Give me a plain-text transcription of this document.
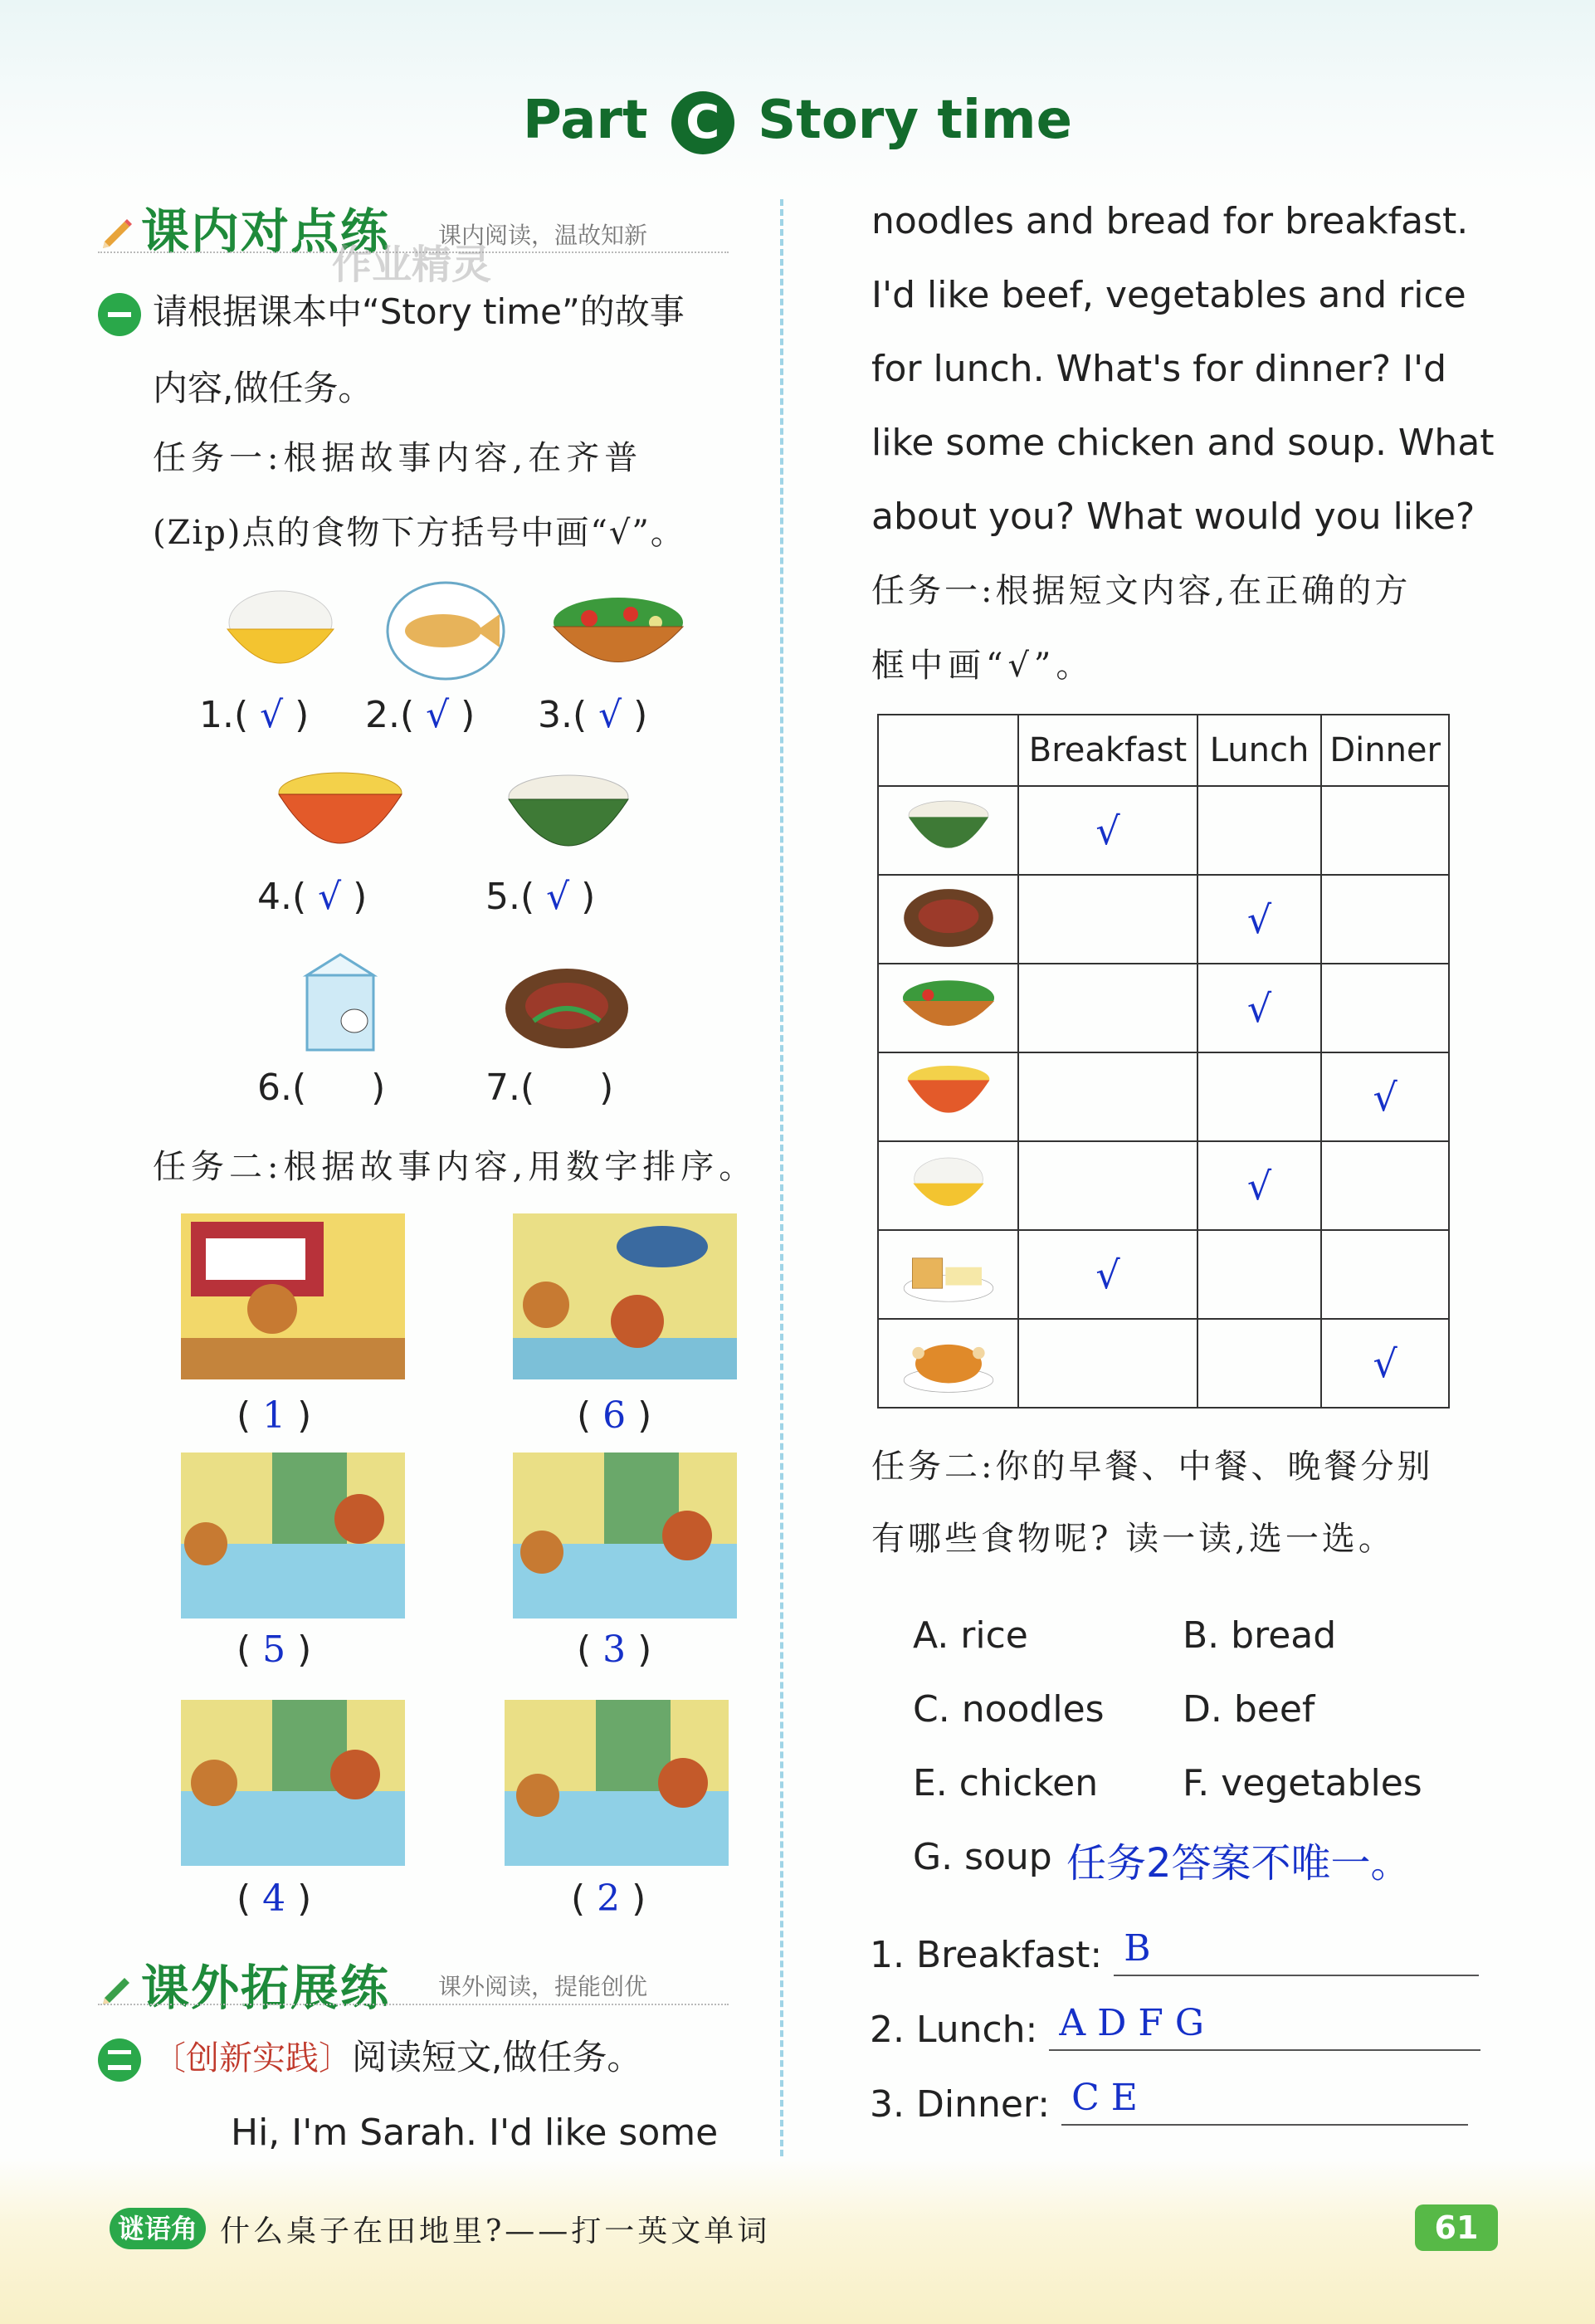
Part C Story time
课内对点练 课内阅读，温故知新
作业精灵
请根据课本中“Story time”的故事
内容,做任务。
任务一:根据故事内容,在齐普
(Zip)点的食物下方括号中画“√”。
1.( √ ) 2.( √ ) 3.( √ )
4.( √ )	5.( √ )
6.(  )	7.(  )
任务二:根据故事内容,用数字排序。
( 1 )	( 6 )
( 5 )	( 3 )
( 4 )	( 2 )
课外拓展练 课外阅读，提能创优
〔创新实践〕阅读短文,做任务。
Hi, I'm Sarah. I'd like some
noodles and bread for breakfast.
I'd like beef, vegetables and rice
for lunch. What's for dinner? I'd
like some chicken and soup. What
about you? What would you like?
任务一:根据短文内容,在正确的方
框中画“√”。
	Breakfast	Lunch	Dinner
	√		
		√	
		√	
			√
		√	
	√		
			√
任务二:你的早餐、中餐、晚餐分别
有哪些食物呢? 读一读,选一选。
A. rice	B. bread
C. noodles D. beef
E. chicken F. vegetables
G. soup 任务2答案不唯一。
1. Breakfast: B
2. Lunch: A D F G
3. Dinner: C E
谜语角 什么桌子在田地里?——打一英文单词	61
